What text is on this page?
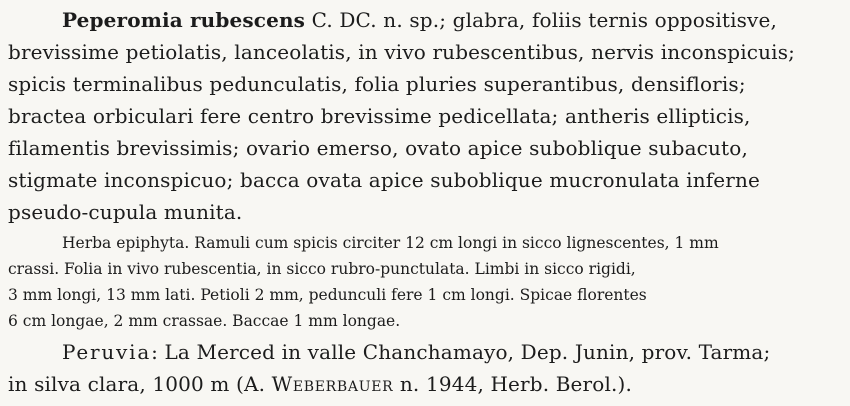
Peperomia rubescens C. DC. n. sp.; glabra, foliis ternis oppositisve,
brevissime petiolatis, lanceolatis, in vivo rubescentibus, nervis inconspicuis;
spicis terminalibus pedunculatis, folia pluries superantibus, densifloris;
bractea orbiculari fere centro brevissime pedicellata; antheris ellipticis,
filamentis brevissimis; ovario emerso, ovato apice suboblique subacuto,
stigmate inconspicuo; bacca ovata apice suboblique mucronulata inferne
pseudo-cupula munita.
Herba epiphyta. Ramuli cum spicis circiter 12 cm longi in sicco lignescentes, 1 mm
crassi. Folia in vivo rubescentia, in sicco rubro-punctulata. Limbi in sicco rigidi,
3 mm longi, 13 mm lati. Petioli 2 mm, pedunculi fere 1 cm longi. Spicae florentes
6 cm longae, 2 mm crassae. Baccae 1 mm longae.
Peruvia: La Merced in valle Chanchamayo, Dep. Junin, prov. Tarma;
in silva clara, 1000 m (A. Weberbauer n. 1944, Herb. Berol.).
